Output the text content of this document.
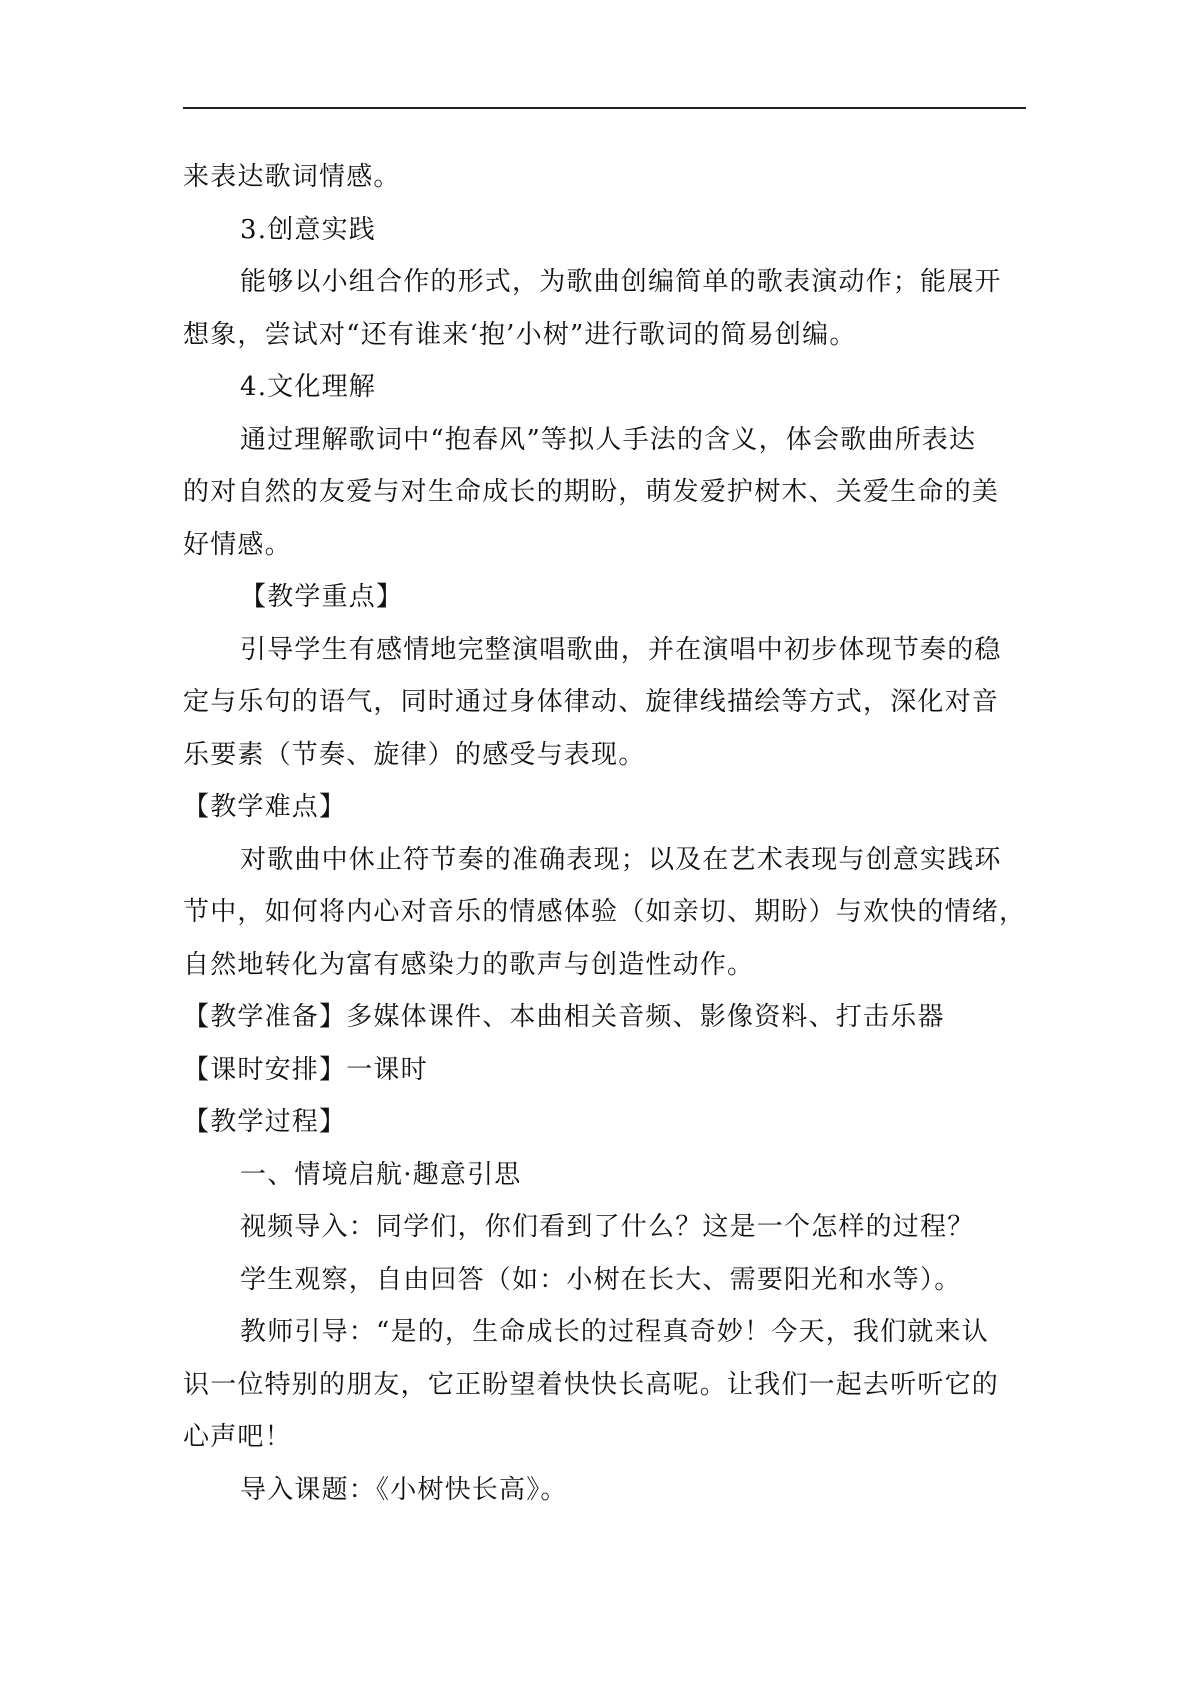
来表达歌词情感。
3.创意实践
能够以小组合作的形式，为歌曲创编简单的歌表演动作；能展开
想象，尝试对“还有谁来‘抱’小树”进行歌词的简易创编。
4.文化理解
通过理解歌词中“抱春风”等拟人手法的含义，体会歌曲所表达
的对自然的友爱与对生命成长的期盼，萌发爱护树木、关爱生命的美
好情感。
【教学重点】
引导学生有感情地完整演唱歌曲，并在演唱中初步体现节奏的稳
定与乐句的语气，同时通过身体律动、旋律线描绘等方式，深化对音
乐要素（节奏、旋律）的感受与表现。
【教学难点】
对歌曲中休止符节奏的准确表现；以及在艺术表现与创意实践环
节中，如何将内心对音乐的情感体验（如亲切、期盼）与欢快的情绪，
自然地转化为富有感染力的歌声与创造性动作。
【教学准备】多媒体课件、本曲相关音频、影像资料、打击乐器
【课时安排】一课时
【教学过程】
一、情境启航·趣意引思
视频导入：同学们，你们看到了什么？这是一个怎样的过程？
学生观察，自由回答（如：小树在长大、需要阳光和水等）。
教师引导：“是的，生命成长的过程真奇妙！今天，我们就来认
识一位特别的朋友，它正盼望着快快长高呢。让我们一起去听听它的
心声吧！
导入课题：《小树快长高》。
